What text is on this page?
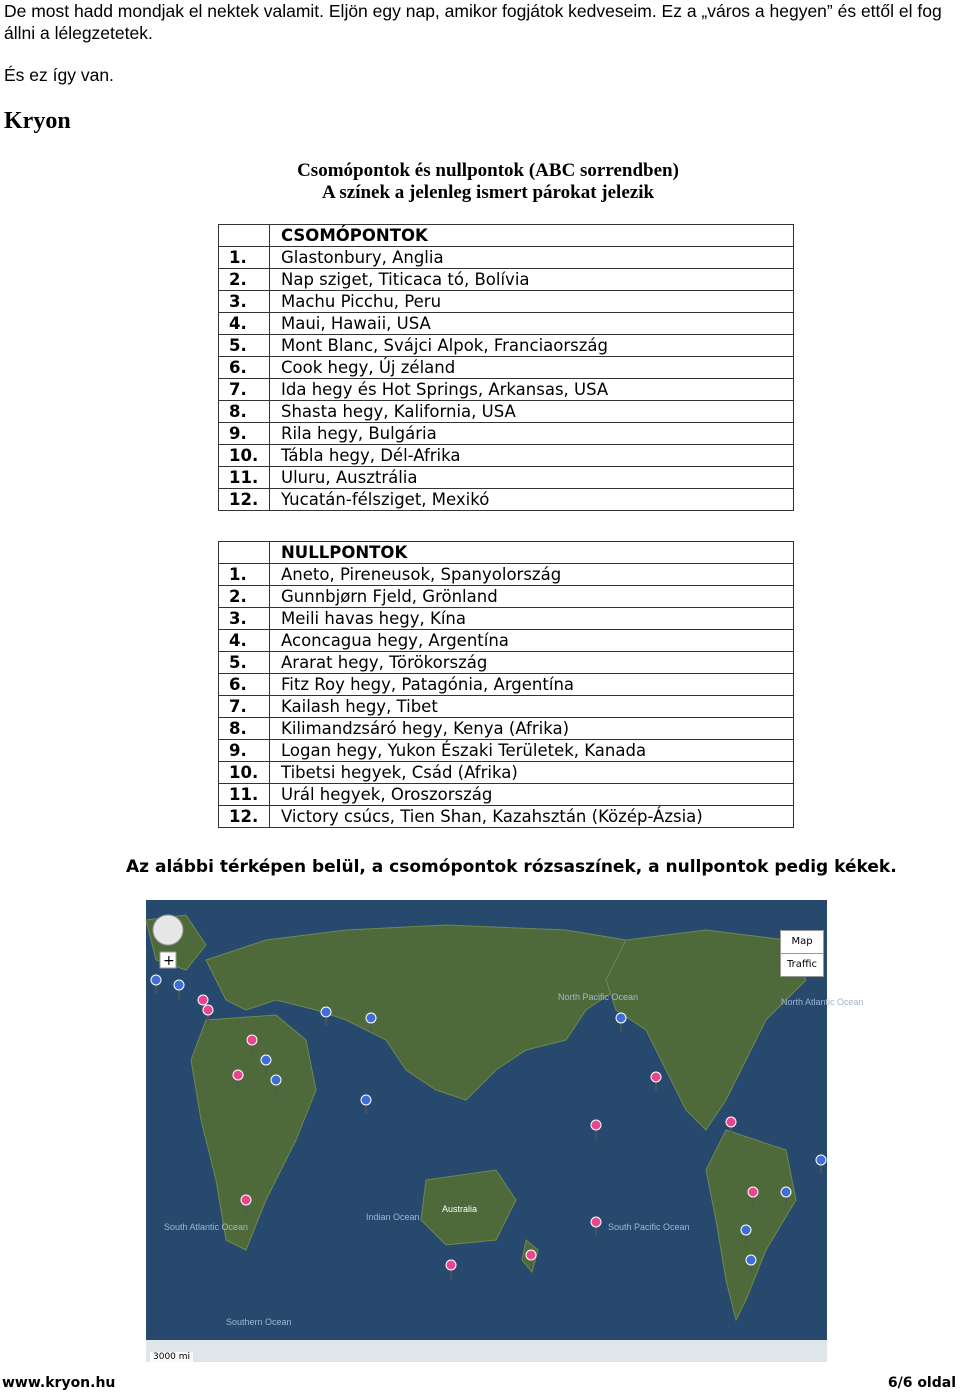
De most hadd mondjak el nektek valamit. Eljön egy nap, amikor fogjátok kedveseim. Ez a „város a hegyen” és ettől el fog állni a lélegzetetek.

És ez így van.

Kryon
Csomópontok és nullpontok (ABC sorrendben)
A színek a jelenleg ismert párokat jelezik
	CSOMÓPONTOK
1.	Glastonbury, Anglia
2.	Nap sziget, Titicaca tó, Bolívia
3.	Machu Picchu, Peru
4.	Maui, Hawaii, USA
5.	Mont Blanc, Svájci Alpok, Franciaország
6.	Cook hegy, Új zéland
7.	Ida hegy és Hot Springs, Arkansas, USA
8.	Shasta hegy, Kalifornia, USA
9.	Rila hegy, Bulgária
10.	Tábla hegy, Dél-Afrika
11.	Uluru, Ausztrália
12.	Yucatán-félsziget, Mexikó
	NULLPONTOK
1.	Aneto, Pireneusok, Spanyolország
2.	Gunnbjørn Fjeld, Grönland
3.	Meili havas hegy, Kína
4.	Aconcagua hegy, Argentína
5.	Ararat hegy, Törökország
6.	Fitz Roy hegy, Patagónia, Argentína
7.	Kailash hegy, Tibet
8.	Kilimandzsáró hegy, Kenya (Afrika)
9.	Logan hegy, Yukon Északi Területek, Kanada
10.	Tibetsi hegyek, Csád (Afrika)
11.	Urál hegyek, Oroszország
12.	Victory csúcs, Tien Shan, Kazahsztán (Közép-Ázsia)
Az alábbi térképen belül, a csomópontok rózsaszínek, a nullpontok pedig kékek.
North Atlantic Ocean
North Pacific Ocean
South Atlantic Ocean
Indian Ocean
South Pacific Ocean
Southern Ocean
Australia
+
Map
Traffic
3000 mi
www.kryon.hu	6/6 oldal
